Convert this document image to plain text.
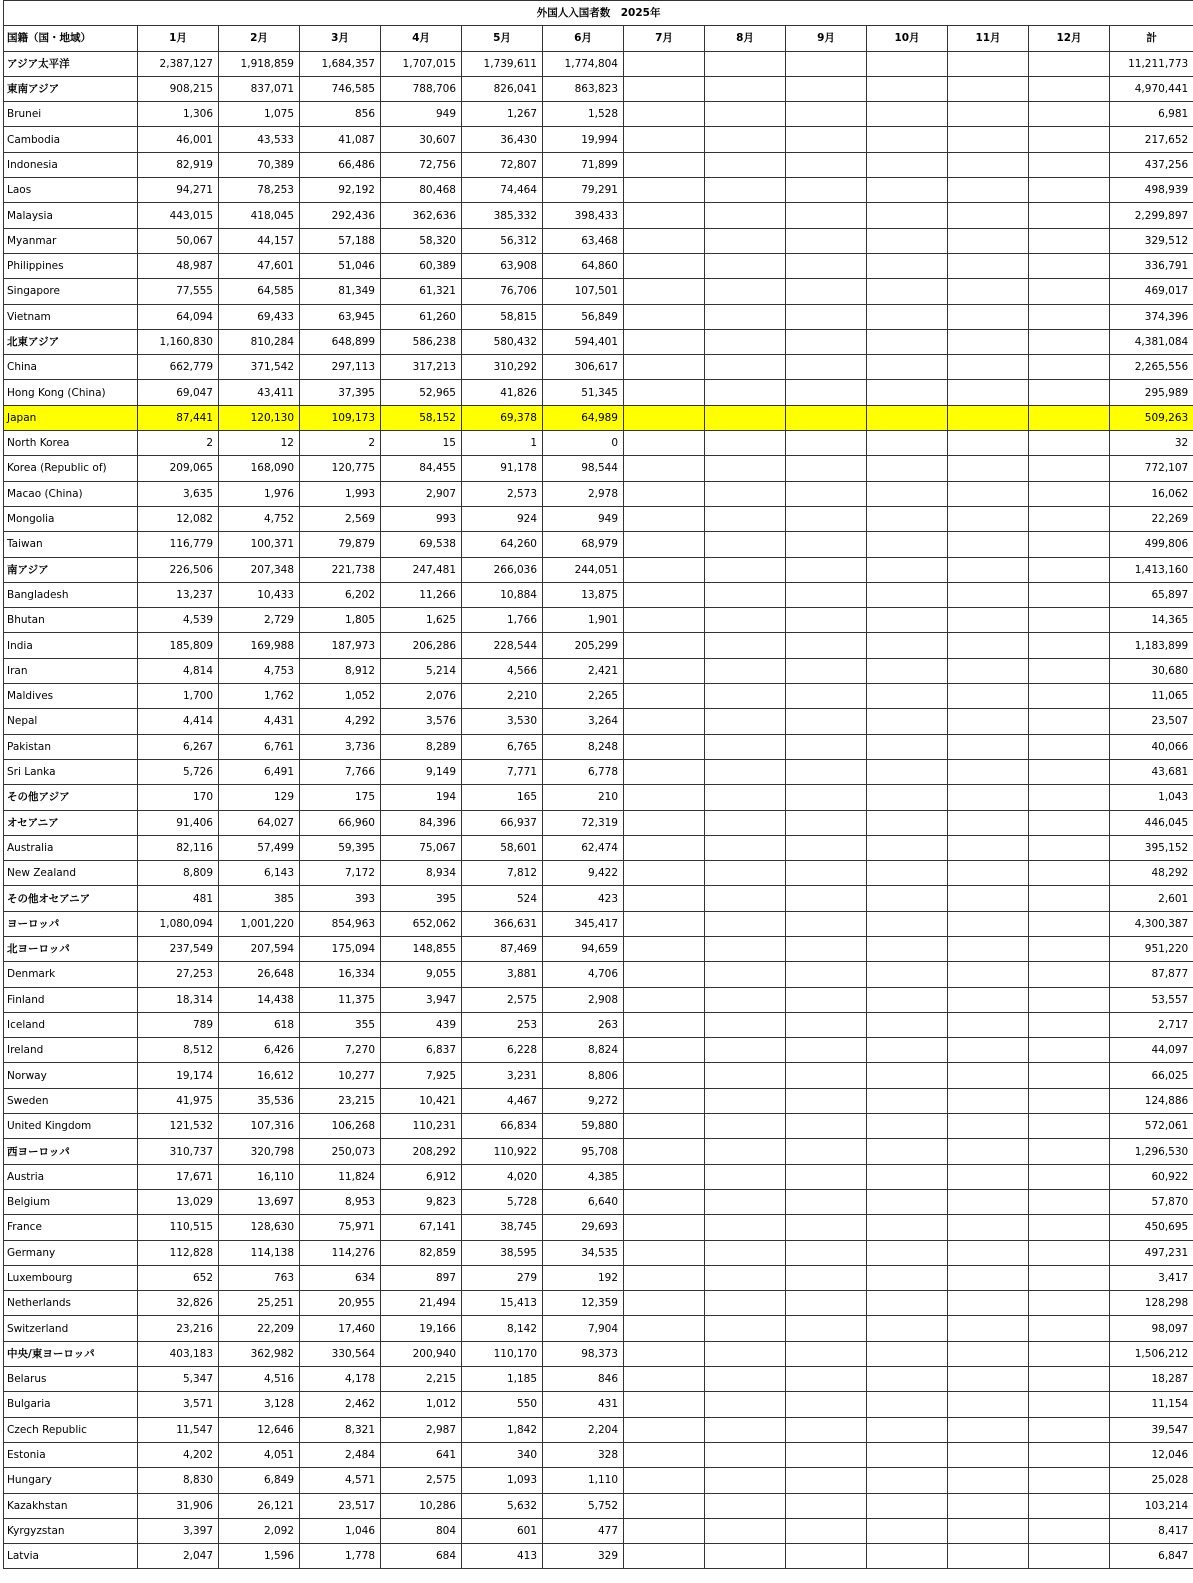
外国人入国者数　2025年													
国籍（国・地域）	1月	2月	3月	4月	5月	6月	7月	8月	9月	10月	11月	12月	計
アジア太平洋	2,387,127	1,918,859	1,684,357	1,707,015	1,739,611	1,774,804							11,211,773
東南アジア	908,215	837,071	746,585	788,706	826,041	863,823							4,970,441
Brunei	1,306	1,075	856	949	1,267	1,528							6,981
Cambodia	46,001	43,533	41,087	30,607	36,430	19,994							217,652
Indonesia	82,919	70,389	66,486	72,756	72,807	71,899							437,256
Laos	94,271	78,253	92,192	80,468	74,464	79,291							498,939
Malaysia	443,015	418,045	292,436	362,636	385,332	398,433							2,299,897
Myanmar	50,067	44,157	57,188	58,320	56,312	63,468							329,512
Philippines	48,987	47,601	51,046	60,389	63,908	64,860							336,791
Singapore	77,555	64,585	81,349	61,321	76,706	107,501							469,017
Vietnam	64,094	69,433	63,945	61,260	58,815	56,849							374,396
北東アジア	1,160,830	810,284	648,899	586,238	580,432	594,401							4,381,084
China	662,779	371,542	297,113	317,213	310,292	306,617							2,265,556
Hong Kong (China)	69,047	43,411	37,395	52,965	41,826	51,345							295,989
Japan	87,441	120,130	109,173	58,152	69,378	64,989							509,263
North Korea	2	12	2	15	1	0							32
Korea (Republic of)	209,065	168,090	120,775	84,455	91,178	98,544							772,107
Macao (China)	3,635	1,976	1,993	2,907	2,573	2,978							16,062
Mongolia	12,082	4,752	2,569	993	924	949							22,269
Taiwan	116,779	100,371	79,879	69,538	64,260	68,979							499,806
南アジア	226,506	207,348	221,738	247,481	266,036	244,051							1,413,160
Bangladesh	13,237	10,433	6,202	11,266	10,884	13,875							65,897
Bhutan	4,539	2,729	1,805	1,625	1,766	1,901							14,365
India	185,809	169,988	187,973	206,286	228,544	205,299							1,183,899
Iran	4,814	4,753	8,912	5,214	4,566	2,421							30,680
Maldives	1,700	1,762	1,052	2,076	2,210	2,265							11,065
Nepal	4,414	4,431	4,292	3,576	3,530	3,264							23,507
Pakistan	6,267	6,761	3,736	8,289	6,765	8,248							40,066
Sri Lanka	5,726	6,491	7,766	9,149	7,771	6,778							43,681
その他アジア	170	129	175	194	165	210							1,043
オセアニア	91,406	64,027	66,960	84,396	66,937	72,319							446,045
Australia	82,116	57,499	59,395	75,067	58,601	62,474							395,152
New Zealand	8,809	6,143	7,172	8,934	7,812	9,422							48,292
その他オセアニア	481	385	393	395	524	423							2,601
ヨーロッパ	1,080,094	1,001,220	854,963	652,062	366,631	345,417							4,300,387
北ヨーロッパ	237,549	207,594	175,094	148,855	87,469	94,659							951,220
Denmark	27,253	26,648	16,334	9,055	3,881	4,706							87,877
Finland	18,314	14,438	11,375	3,947	2,575	2,908							53,557
Iceland	789	618	355	439	253	263							2,717
Ireland	8,512	6,426	7,270	6,837	6,228	8,824							44,097
Norway	19,174	16,612	10,277	7,925	3,231	8,806							66,025
Sweden	41,975	35,536	23,215	10,421	4,467	9,272							124,886
United Kingdom	121,532	107,316	106,268	110,231	66,834	59,880							572,061
西ヨーロッパ	310,737	320,798	250,073	208,292	110,922	95,708							1,296,530
Austria	17,671	16,110	11,824	6,912	4,020	4,385							60,922
Belgium	13,029	13,697	8,953	9,823	5,728	6,640							57,870
France	110,515	128,630	75,971	67,141	38,745	29,693							450,695
Germany	112,828	114,138	114,276	82,859	38,595	34,535							497,231
Luxembourg	652	763	634	897	279	192							3,417
Netherlands	32,826	25,251	20,955	21,494	15,413	12,359							128,298
Switzerland	23,216	22,209	17,460	19,166	8,142	7,904							98,097
中央/東ヨーロッパ	403,183	362,982	330,564	200,940	110,170	98,373							1,506,212
Belarus	5,347	4,516	4,178	2,215	1,185	846							18,287
Bulgaria	3,571	3,128	2,462	1,012	550	431							11,154
Czech Republic	11,547	12,646	8,321	2,987	1,842	2,204							39,547
Estonia	4,202	4,051	2,484	641	340	328							12,046
Hungary	8,830	6,849	4,571	2,575	1,093	1,110							25,028
Kazakhstan	31,906	26,121	23,517	10,286	5,632	5,752							103,214
Kyrgyzstan	3,397	2,092	1,046	804	601	477							8,417
Latvia	2,047	1,596	1,778	684	413	329							6,847
